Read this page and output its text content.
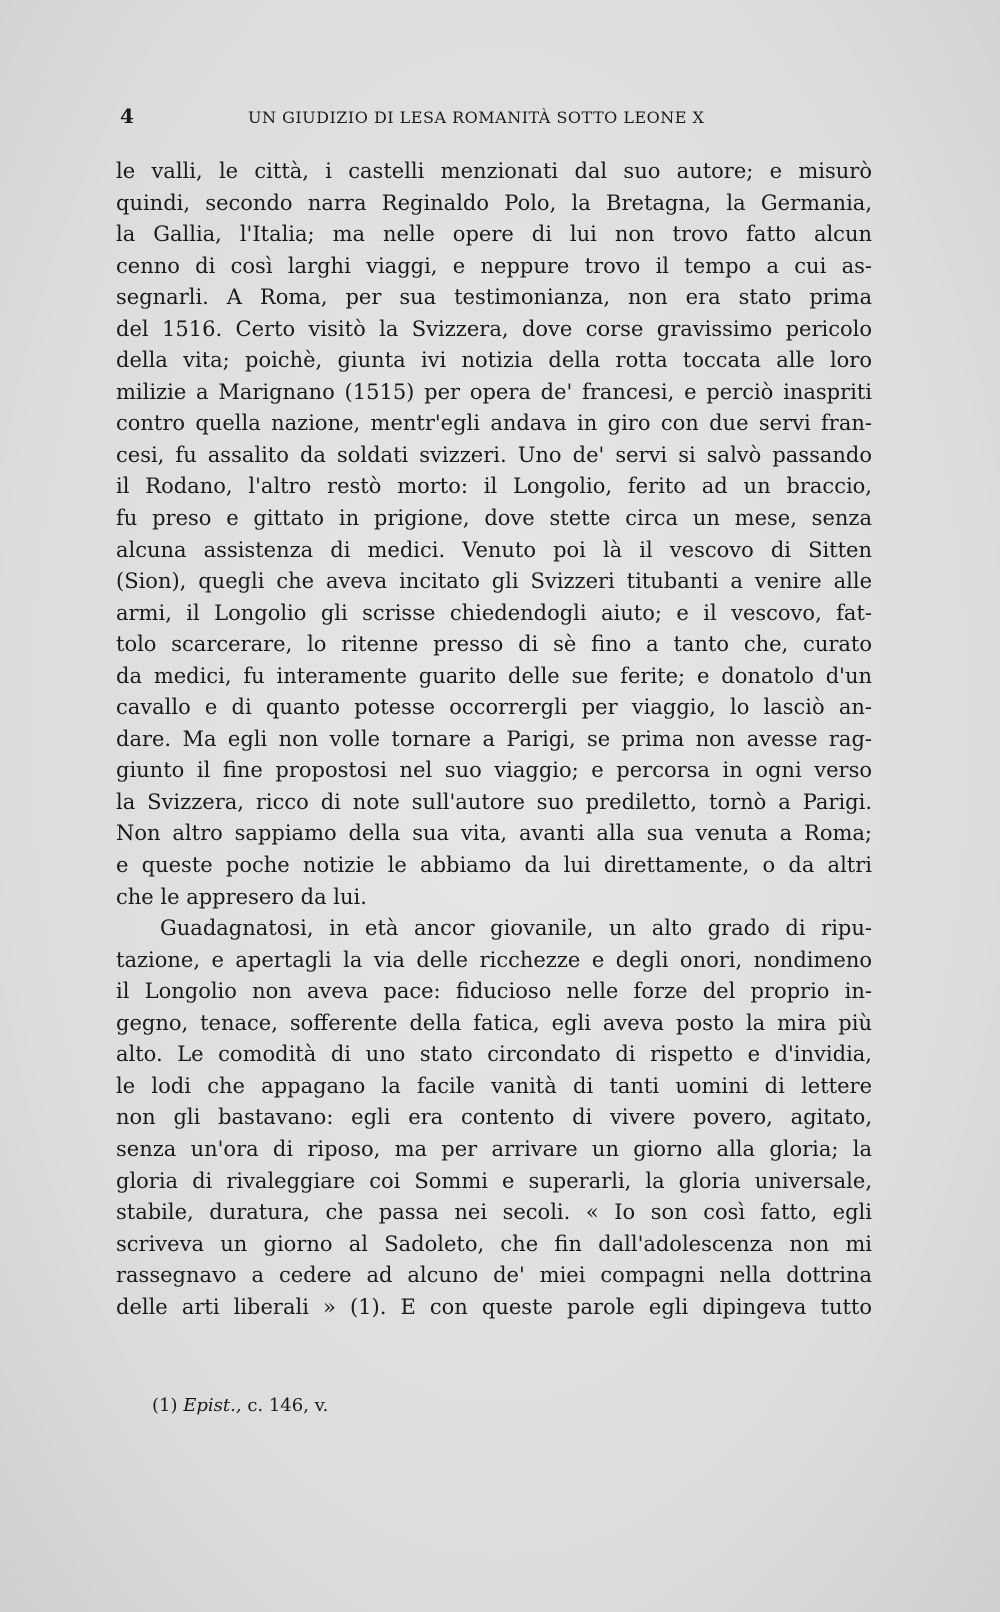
4	UN GIUDIZIO DI LESA ROMANITÀ SOTTO LEONE X
le valli, le città, i castelli menzionati dal suo autore; e misurò
quindi, secondo narra Reginaldo Polo, la Bretagna, la Germania,
la Gallia, l'Italia; ma nelle opere di lui non trovo fatto alcun
cenno di così larghi viaggi, e neppure trovo il tempo a cui as-
segnarli. A Roma, per sua testimonianza, non era stato prima
del 1516. Certo visitò la Svizzera, dove corse gravissimo pericolo
della vita; poichè, giunta ivi notizia della rotta toccata alle loro
milizie a Marignano (1515) per opera de' francesi, e perciò inaspriti
contro quella nazione, mentr'egli andava in giro con due servi fran-
cesi, fu assalito da soldati svizzeri. Uno de' servi si salvò passando
il Rodano, l'altro restò morto: il Longolio, ferito ad un braccio,
fu preso e gittato in prigione, dove stette circa un mese, senza
alcuna assistenza di medici. Venuto poi là il vescovo di Sitten
(Sion), quegli che aveva incitato gli Svizzeri titubanti a venire alle
armi, il Longolio gli scrisse chiedendogli aiuto; e il vescovo, fat-
tolo scarcerare, lo ritenne presso di sè fino a tanto che, curato
da medici, fu interamente guarito delle sue ferite; e donatolo d'un
cavallo e di quanto potesse occorrergli per viaggio, lo lasciò an-
dare. Ma egli non volle tornare a Parigi, se prima non avesse rag-
giunto il fine propostosi nel suo viaggio; e percorsa in ogni verso
la Svizzera, ricco di note sull'autore suo prediletto, tornò a Parigi.
Non altro sappiamo della sua vita, avanti alla sua venuta a Roma;
e queste poche notizie le abbiamo da lui direttamente, o da altri
che le appresero da lui.
Guadagnatosi, in età ancor giovanile, un alto grado di ripu-
tazione, e apertagli la via delle ricchezze e degli onori, nondimeno
il Longolio non aveva pace: fiducioso nelle forze del proprio in-
gegno, tenace, sofferente della fatica, egli aveva posto la mira più
alto. Le comodità di uno stato circondato di rispetto e d'invidia,
le lodi che appagano la facile vanità di tanti uomini di lettere
non gli bastavano: egli era contento di vivere povero, agitato,
senza un'ora di riposo, ma per arrivare un giorno alla gloria; la
gloria di rivaleggiare coi Sommi e superarli, la gloria universale,
stabile, duratura, che passa nei secoli. « Io son così fatto, egli
scriveva un giorno al Sadoleto, che fin dall'adolescenza non mi
rassegnavo a cedere ad alcuno de' miei compagni nella dottrina
delle arti liberali » (1). E con queste parole egli dipingeva tutto
(1) Epist., c. 146, v.
